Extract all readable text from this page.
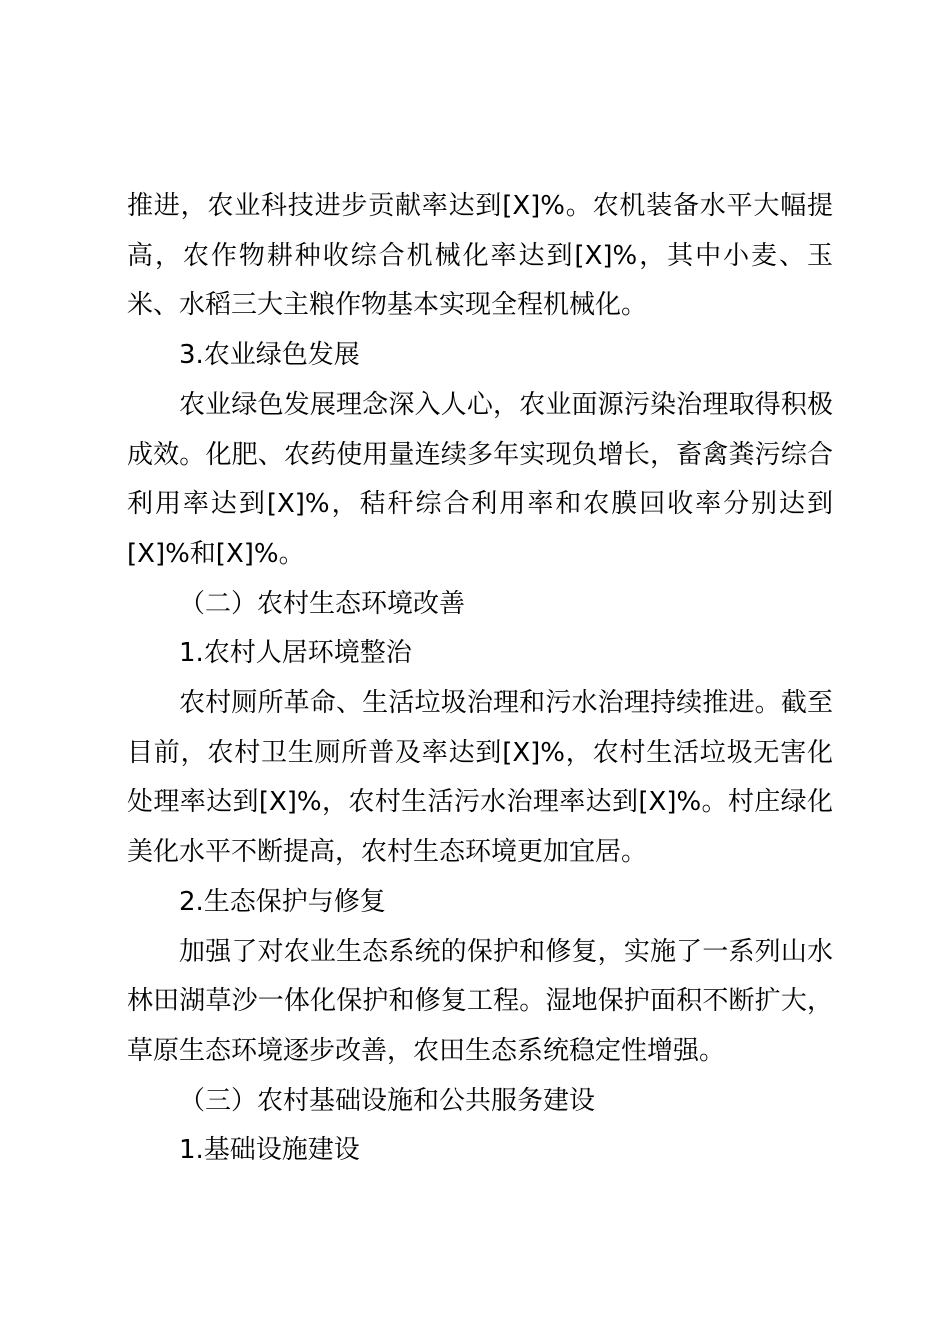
推进，农业科技进步贡献率达到[X]%。农机装备水平大幅提高，农作物耕种收综合机械化率达到[X]%，其中小麦、玉米、水稻三大主粮作物基本实现全程机械化。

3.农业绿色发展

农业绿色发展理念深入人心，农业面源污染治理取得积极成效。化肥、农药使用量连续多年实现负增长，畜禽粪污综合利用率达到[X]%，秸秆综合利用率和农膜回收率分别达到[X]%和[X]%。

（二）农村生态环境改善

1.农村人居环境整治

农村厕所革命、生活垃圾治理和污水治理持续推进。截至目前，农村卫生厕所普及率达到[X]%，农村生活垃圾无害化处理率达到[X]%，农村生活污水治理率达到[X]%。村庄绿化美化水平不断提高，农村生态环境更加宜居。

2.生态保护与修复

加强了对农业生态系统的保护和修复，实施了一系列山水林田湖草沙一体化保护和修复工程。湿地保护面积不断扩大，草原生态环境逐步改善，农田生态系统稳定性增强。

（三）农村基础设施和公共服务建设

1.基础设施建设
